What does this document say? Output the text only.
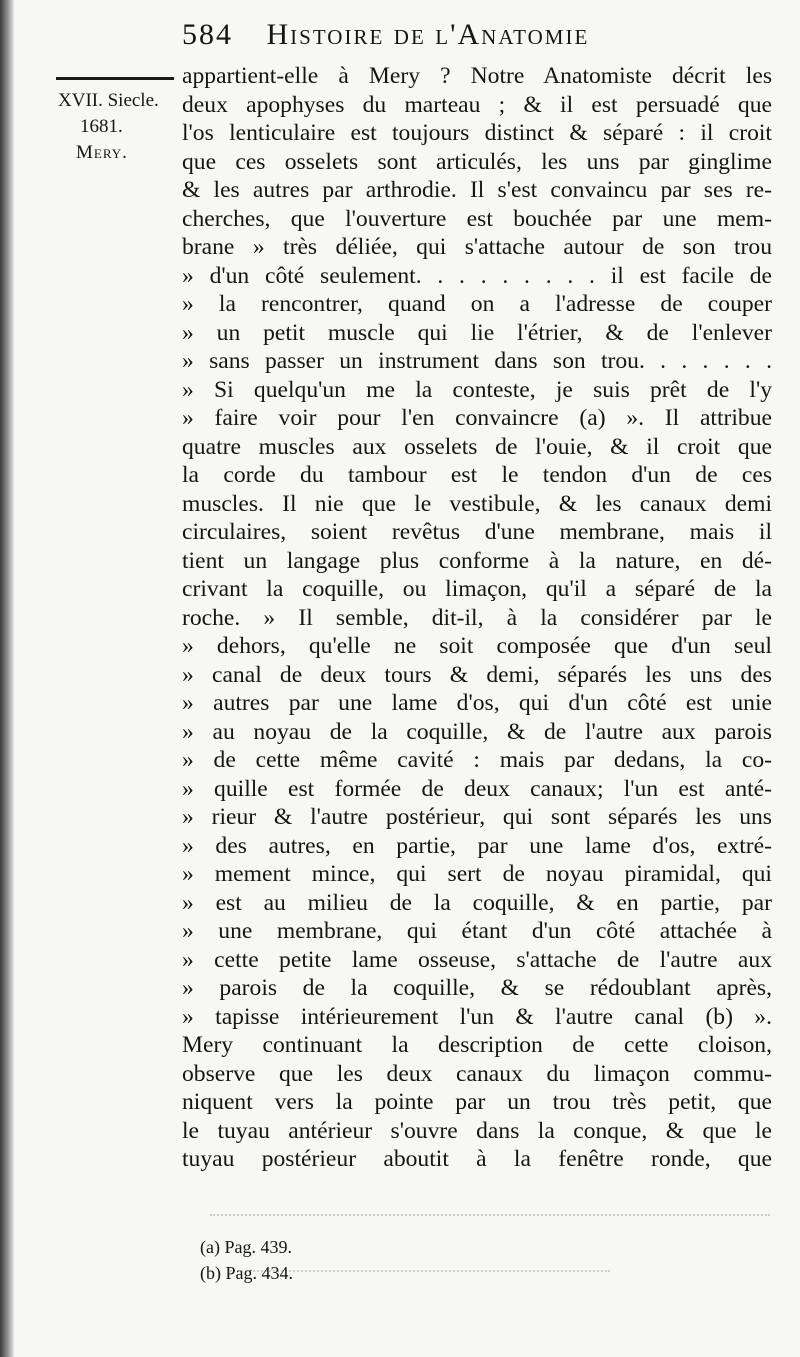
584 Histoire de l'Anatomie
XVII. Siecle.
1681.
Mery.
appartient-elle à Mery ? Notre Anatomiste décrit les
deux apophyses du marteau ; & il est persuadé que
l'os lenticulaire est toujours distinct & séparé : il croit
que ces osselets sont articulés, les uns par ginglime
& les autres par arthrodie. Il s'est convaincu par ses re-
cherches, que l'ouverture est bouchée par une mem-
brane » très déliée, qui s'attache autour de son trou
» d'un côté seulement. . . . . . . . . il est facile de
» la rencontrer, quand on a l'adresse de couper
» un petit muscle qui lie l'étrier, & de l'enlever
» sans passer un instrument dans son trou. . . . . . .
» Si quelqu'un me la conteste, je suis prêt de l'y
» faire voir pour l'en convaincre (a) ». Il attribue
quatre muscles aux osselets de l'ouie, & il croit que
la corde du tambour est le tendon d'un de ces
muscles. Il nie que le vestibule, & les canaux demi
circulaires, soient revêtus d'une membrane, mais il
tient un langage plus conforme à la nature, en dé-
crivant la coquille, ou limaçon, qu'il a séparé de la
roche. » Il semble, dit-il, à la considérer par le
» dehors, qu'elle ne soit composée que d'un seul
» canal de deux tours & demi, séparés les uns des
» autres par une lame d'os, qui d'un côté est unie
» au noyau de la coquille, & de l'autre aux parois
» de cette même cavité : mais par dedans, la co-
» quille est formée de deux canaux; l'un est anté-
» rieur & l'autre postérieur, qui sont séparés les uns
» des autres, en partie, par une lame d'os, extré-
» mement mince, qui sert de noyau piramidal, qui
» est au milieu de la coquille, & en partie, par
» une membrane, qui étant d'un côté attachée à
» cette petite lame osseuse, s'attache de l'autre aux
» parois de la coquille, & se rédoublant après,
» tapisse intérieurement l'un & l'autre canal (b) ».
Mery continuant la description de cette cloison,
observe que les deux canaux du limaçon commu-
niquent vers la pointe par un trou très petit, que
le tuyau antérieur s'ouvre dans la conque, & que le
tuyau postérieur aboutit à la fenêtre ronde, que
(a) Pag. 439.
(b) Pag. 434.
